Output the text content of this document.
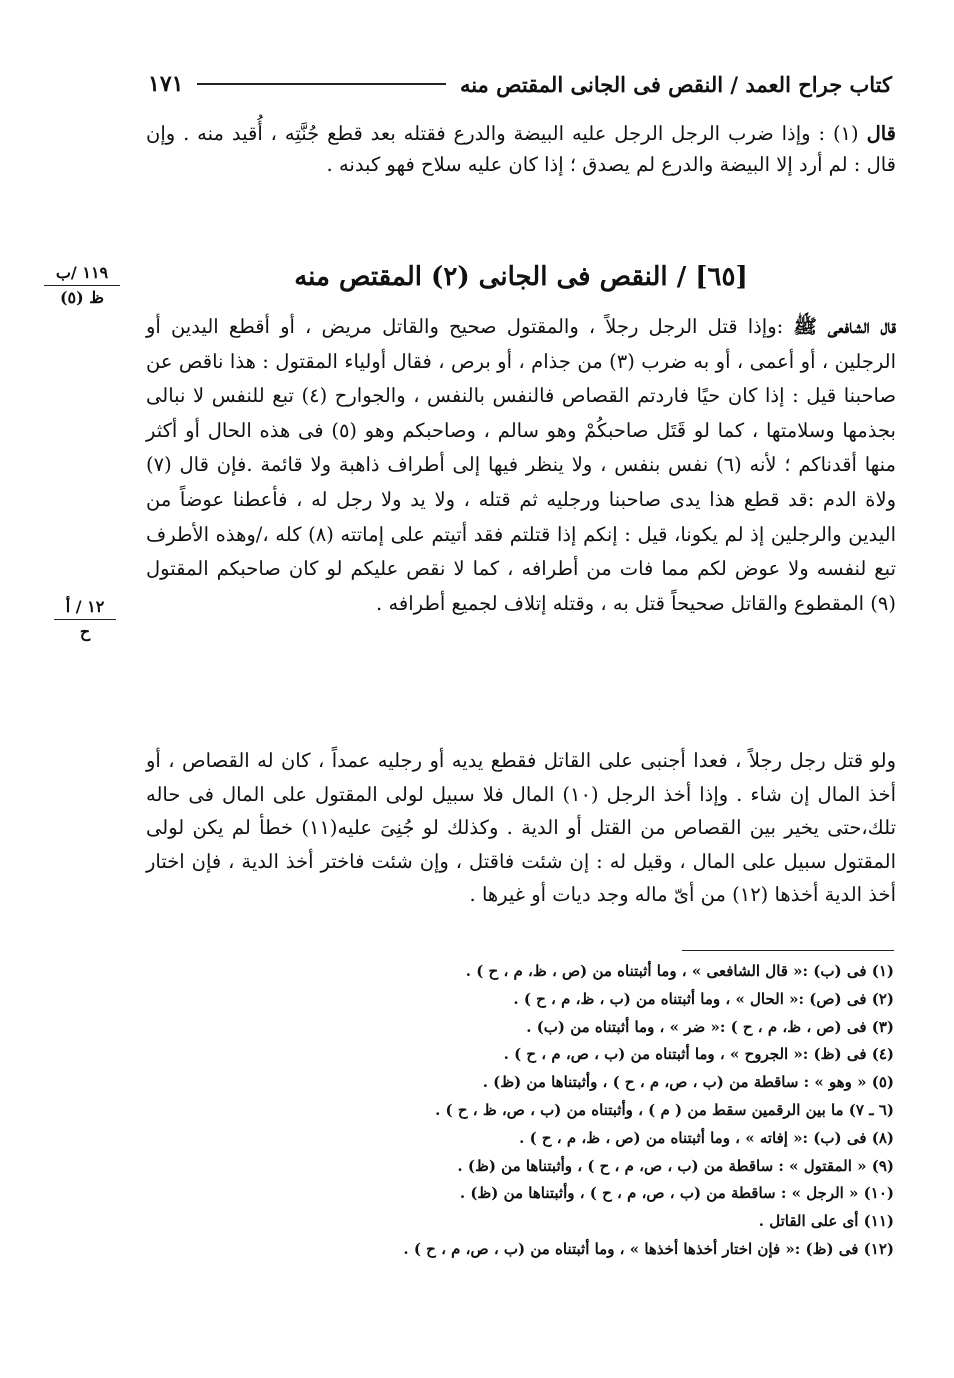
كتاب جراح العمد / النقص فى الجانى المقتص منه
١٧١

قال (١) : وإذا ضرب الرجل الرجل عليه البيضة والدرع فقتله بعد قطع جُنَّتِه ، أُقيد منه . وإن قال : لم أرد إلا البيضة والدرع لم يصدق ؛ إذا كان عليه سلاح فهو كبدنه .

١١٩ /ب
ظ (٥)
[٦٥] / النقص فى الجانى (٢) المقتص منه

قال الشافعى ﷺ :وإذا قتل الرجل رجلاً ، والمقتول صحيح والقاتل مريض ، أو أقطع اليدين أو الرجلين ، أو أعمى ، أو به ضرب (٣) من جذام ، أو برص ، فقال أولياء المقتول : هذا ناقص عن صاحبنا قيل : إذا كان حيًا فاردتم القصاص فالنفس بالنفس ، والجوارح (٤) تبع للنفس لا نبالى بجذمها وسلامتها ، كما لو قَتَل صاحبكُمْ وهو سالم ، وصاحبكم وهو (٥) فى هذه الحال أو أكثر منها أقدناكم ؛ لأنه (٦) نفس بنفس ، ولا ينظر فيها إلى أطراف ذاهبة ولا قائمة .فإن قال (٧) ولاة الدم :قد قطع هذا يدى صاحبنا ورجليه ثم قتله ، ولا يد ولا رجل له ، فأعطنا عوضاً من اليدين والرجلين إذ لم يكونا، قيل : إنكم إذا قتلتم فقد أتيتم على إماتته (٨) كله ،/وهذه الأطرف تبع لنفسه ولا عوض لكم مما فات من أطرافه ، كما لا نقص عليكم لو كان صاحبكم المقتول (٩) المقطوع والقاتل صحيحاً قتل به ، وقتله إتلاف لجميع أطرافه .

١٢ / أ
ح

ولو قتل رجل رجلاً ، فعدا أجنبى على القاتل فقطع يديه أو رجليه عمداً ، كان له القصاص ، أو أخذ المال إن شاء . وإذا أخذ الرجل (١٠) المال فلا سبيل لولى المقتول على المال فى حاله تلك،حتى يخير بين القصاص من القتل أو الدية . وكذلك لو جُنِىَ عليه(١١) خطأ لم يكن لولى المقتول سبيل على المال ، وقيل له : إن شئت فاقتل ، وإن شئت فاختر أخذ الدية ، فإن اختار أخذ الدية أخذها (١٢) من أىّ ماله وجد ديات أو غيرها .

(١) فى (ب) :« قال الشافعى » ، وما أثبتناه من (ص ، ظ، م ، ح ) .
(٢) فى (ص) :« الحال » ، وما أثبتناه من (ب ، ظ، م ، ح ) .
(٣) فى (ص ، ظ، م ، ح ) :« ضر » ، وما أثبتناه من (ب) .
(٤) فى (ظ) :« الجروح » ، وما أثبتناه من (ب ، ص، م ، ح ) .
(٥) « وهو » : ساقطة من (ب ، ص، م ، ح ) ، وأثبتناها من (ظ) .
(٦ ـ ٧) ما بين الرقمين سقط من ( م ) ، وأثبتناه من (ب ، ص، ظ ، ح ) .
(٨) فى (ب) :« إفاته » ، وما أثبتناه من (ص ، ظ، م ، ح ) .
(٩) « المقتول » : ساقطة من (ب ، ص، م ، ح ) ، وأثبتناها من (ظ) .
(١٠) « الرجل » : ساقطة من (ب ، ص، م ، ح ) ، وأثبتناها من (ظ) .
(١١) أى على القاتل .
(١٢) فى (ظ) :« فإن اختار أخذها أخذها » ، وما أثبتناه من (ب ، ص، م ، ح ) .
